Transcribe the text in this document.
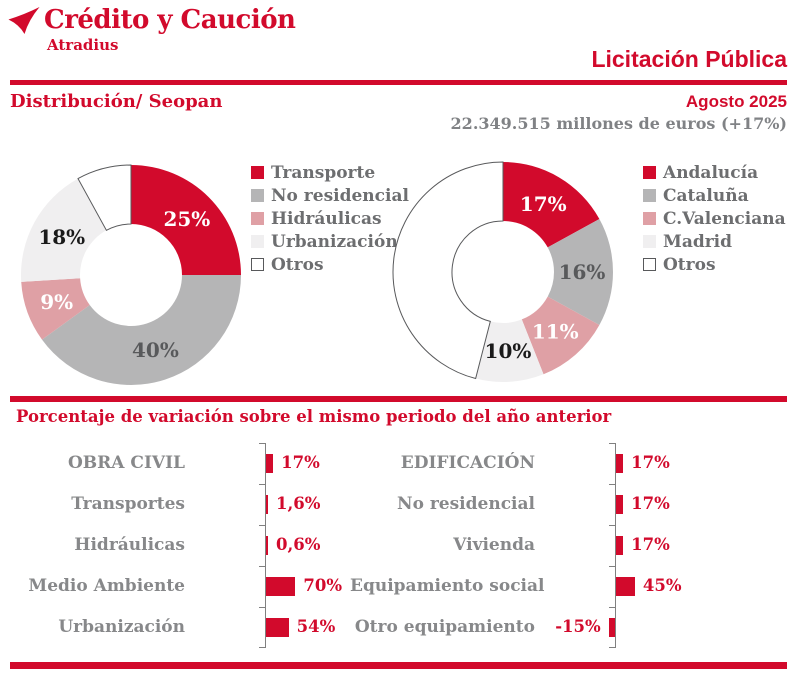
Crédito y Caución
Atradius
Licitación Pública
Distribución/ Seopan	Agosto 2025
22.349.515 millones de euros (+17%)
25%
40%
9%
18%
Transporte
No residencial
Hidráulicas
Urbanización
Otros
17%
16%
11%
10%
Andalucía
Cataluña
C.Valenciana
Madrid
Otros
Porcentaje de variación sobre el mismo periodo del año anterior
OBRA CIVIL	17%
Transportes	1,6%
Hidráulicas	0,6%
Medio Ambiente	70%
Urbanización	54%
EDIFICACIÓN	17%
No residencial	17%
Vivienda	17%
Equipamiento social	45%
Otro equipamiento -15%
